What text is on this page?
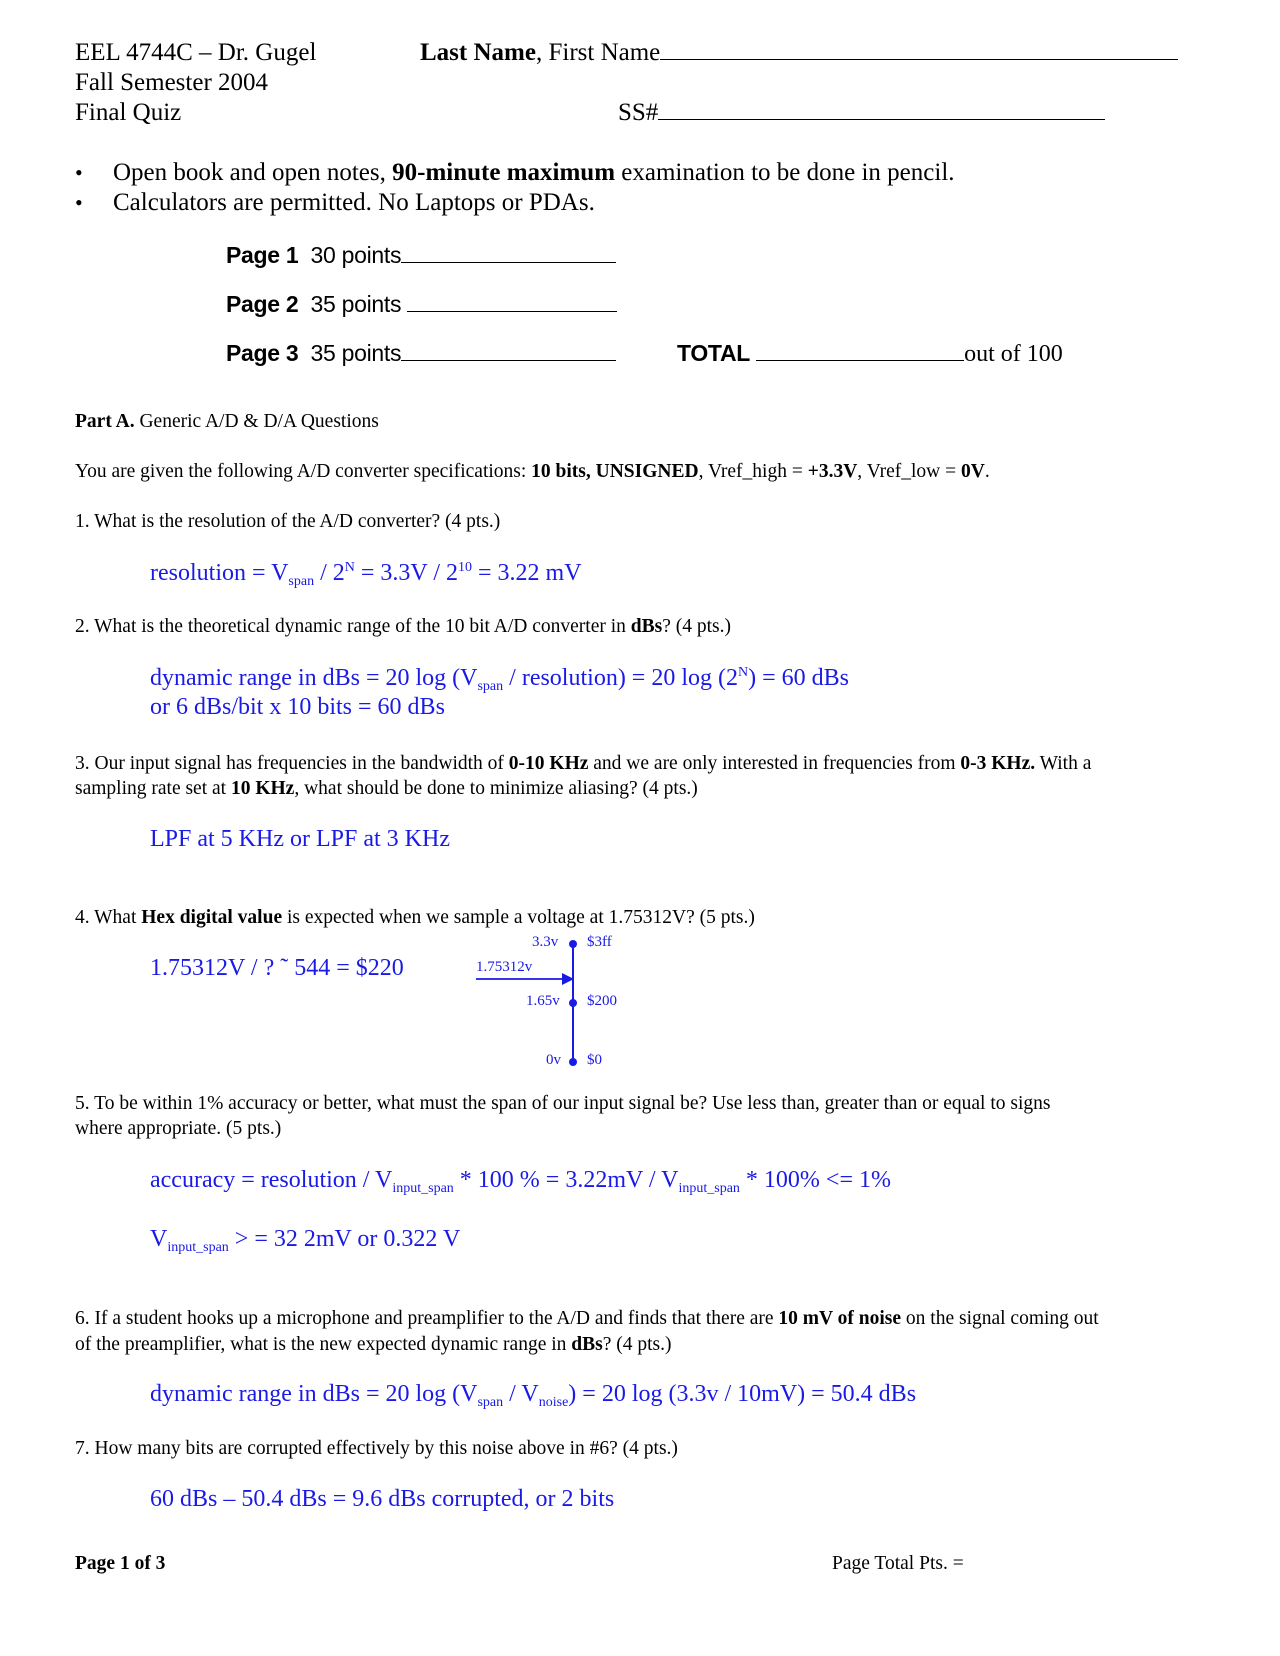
EEL 4744C – Dr. Gugel
Fall Semester 2004
Final Quiz
Last Name, First Name
SS#
• Open book and open notes, 90-minute maximum examination to be done in pencil.
• Calculators are permitted. No Laptops or PDAs.
Page 1 30 points
Page 2 35 points
Page 3 35 points	TOTAL	out of 100
Part A. Generic A/D & D/A Questions
You are given the following A/D converter specifications: 10 bits, UNSIGNED, Vref_high = +3.3V, Vref_low = 0V.
1. What is the resolution of the A/D converter? (4 pts.)
resolution = $V_{span} / 2^N = 3.3V / 2^{10} = 3.22$ mV
2. What is the theoretical dynamic range of the 10 bit A/D converter in dBs? (4 pts.)
dynamic range in dBs = 20 $\log (V_{span}$ / resolution) = 20 $\log (2^N) = 60$ dBs
or 6 dBs/bit x 10 bits = 60 dBs
3. Our input signal has frequencies in the bandwidth of 0-10 KHz and we are only interested in frequencies from 0-3 KHz. With a
sampling rate set at 10 KHz, what should be done to minimize aliasing? (4 pts.)
LPF at 5 KHz or LPF at 3 KHz
4. What Hex digital value is expected when we sample a voltage at 1.75312V? (5 pts.)
1.75312V / ? ˜ 544 = $220
3.3v $3ff
1.75312v
1.65v $200
0v $0
5. To be within 1% accuracy or better, what must the span of our input signal be? Use less than, greater than or equal to signs
where appropriate. (5 pts.)
accuracy = resolution / $V_{input\_span} * 100$ % = $3.22mV / V_{input\_span} * 100\% <= 1\%$
$V_{input\_span}$ > = 32 2mV or 0.322 V
6. If a student hooks up a microphone and preamplifier to the A/D and finds that there are 10 mV of noise on the signal coming out
of the preamplifier, what is the new expected dynamic range in dBs? (4 pts.)
dynamic range in dBs = 20 $\log (V_{span} / V_{noise}) = 20$ log (3.3v / 10mV) = 50.4 dBs
7. How many bits are corrupted effectively by this noise above in #6? (4 pts.)
60 dBs – 50.4 dBs = 9.6 dBs corrupted, or 2 bits
Page 1 of 3	Page Total Pts. =
